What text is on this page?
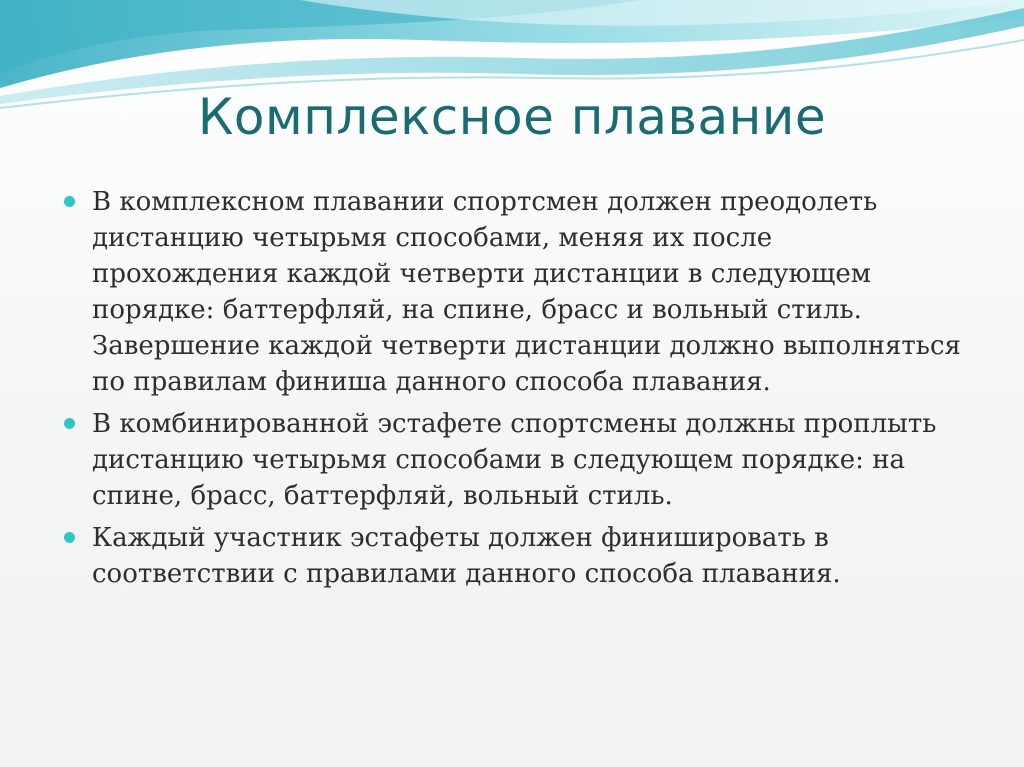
Комплексное плавание
В комплексном плавании спортсмен должен преодолеть дистанцию четырьмя способами, меняя их после прохождения каждой четверти дистанции в следующем порядке: баттерфляй, на спине, брасс и вольный стиль. Завершение каждой четверти дистанции должно выполняться по правилам финиша данного способа плавания.
В комбинированной эстафете спортсмены должны проплыть дистанцию четырьмя способами в следующем порядке: на спине, брасс, баттерфляй, вольный стиль.
Каждый участник эстафеты должен финишировать в соответствии с правилами данного способа плавания.
